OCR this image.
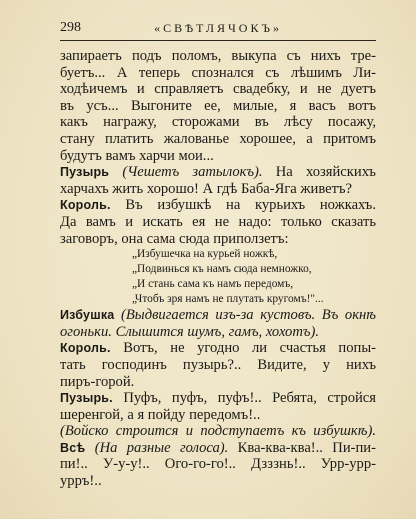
298	«СВѢТЛЯЧОКЪ»
запираетъ подъ поломъ, выкупа съ нихъ тре-
буетъ... А теперь спознался съ лѣшимъ Ли-
ходѣичемъ и справляетъ свадебку, и не дуетъ
въ усъ... Выгоните ее, милые, я васъ вотъ
какъ награжу, сторожами въ лѣсу посажу,
стану платить жалованье хорошее, а притомъ
будутъ вамъ харчи мои...
Пузырь (Чешетъ затылокъ). На хозяйскихъ
харчахъ жить хорошо! А гдѣ Баба-Яга живетъ?
Король. Въ избушкѣ на курьихъ ножкахъ.
Да вамъ и искать ея не надо: только сказать
заговоръ, она сама сюда приползетъ:
„Избушечка на курьей ножкѣ,
„Подвинься къ намъ сюда немножко,
„И стань сама къ намъ передомъ,
„Чтобъ зря намъ не плутать кругомъ!"...
Избушка (Выдвигается изъ-за кустовъ. Въ окнѣ
огоньки. Слышится шумъ, гамъ, хохотъ).
Король. Вотъ, не угодно ли счастья попы-
тать господинъ пузырь?.. Видите, у нихъ
пиръ-горой.
Пузырь. Пуфъ, пуфъ, пуфъ!.. Ребята, стройся
шеренгой, а я пойду передомъ!..
(Войско строится и подступаетъ къ избушкѣ).
Всѣ (На разные голоса). Ква-ква-ква!.. Пи-пи-
пи!.. У-у-у!.. Ого-го-го!.. Дзззнь!.. Урр-урр-
урръ!..
